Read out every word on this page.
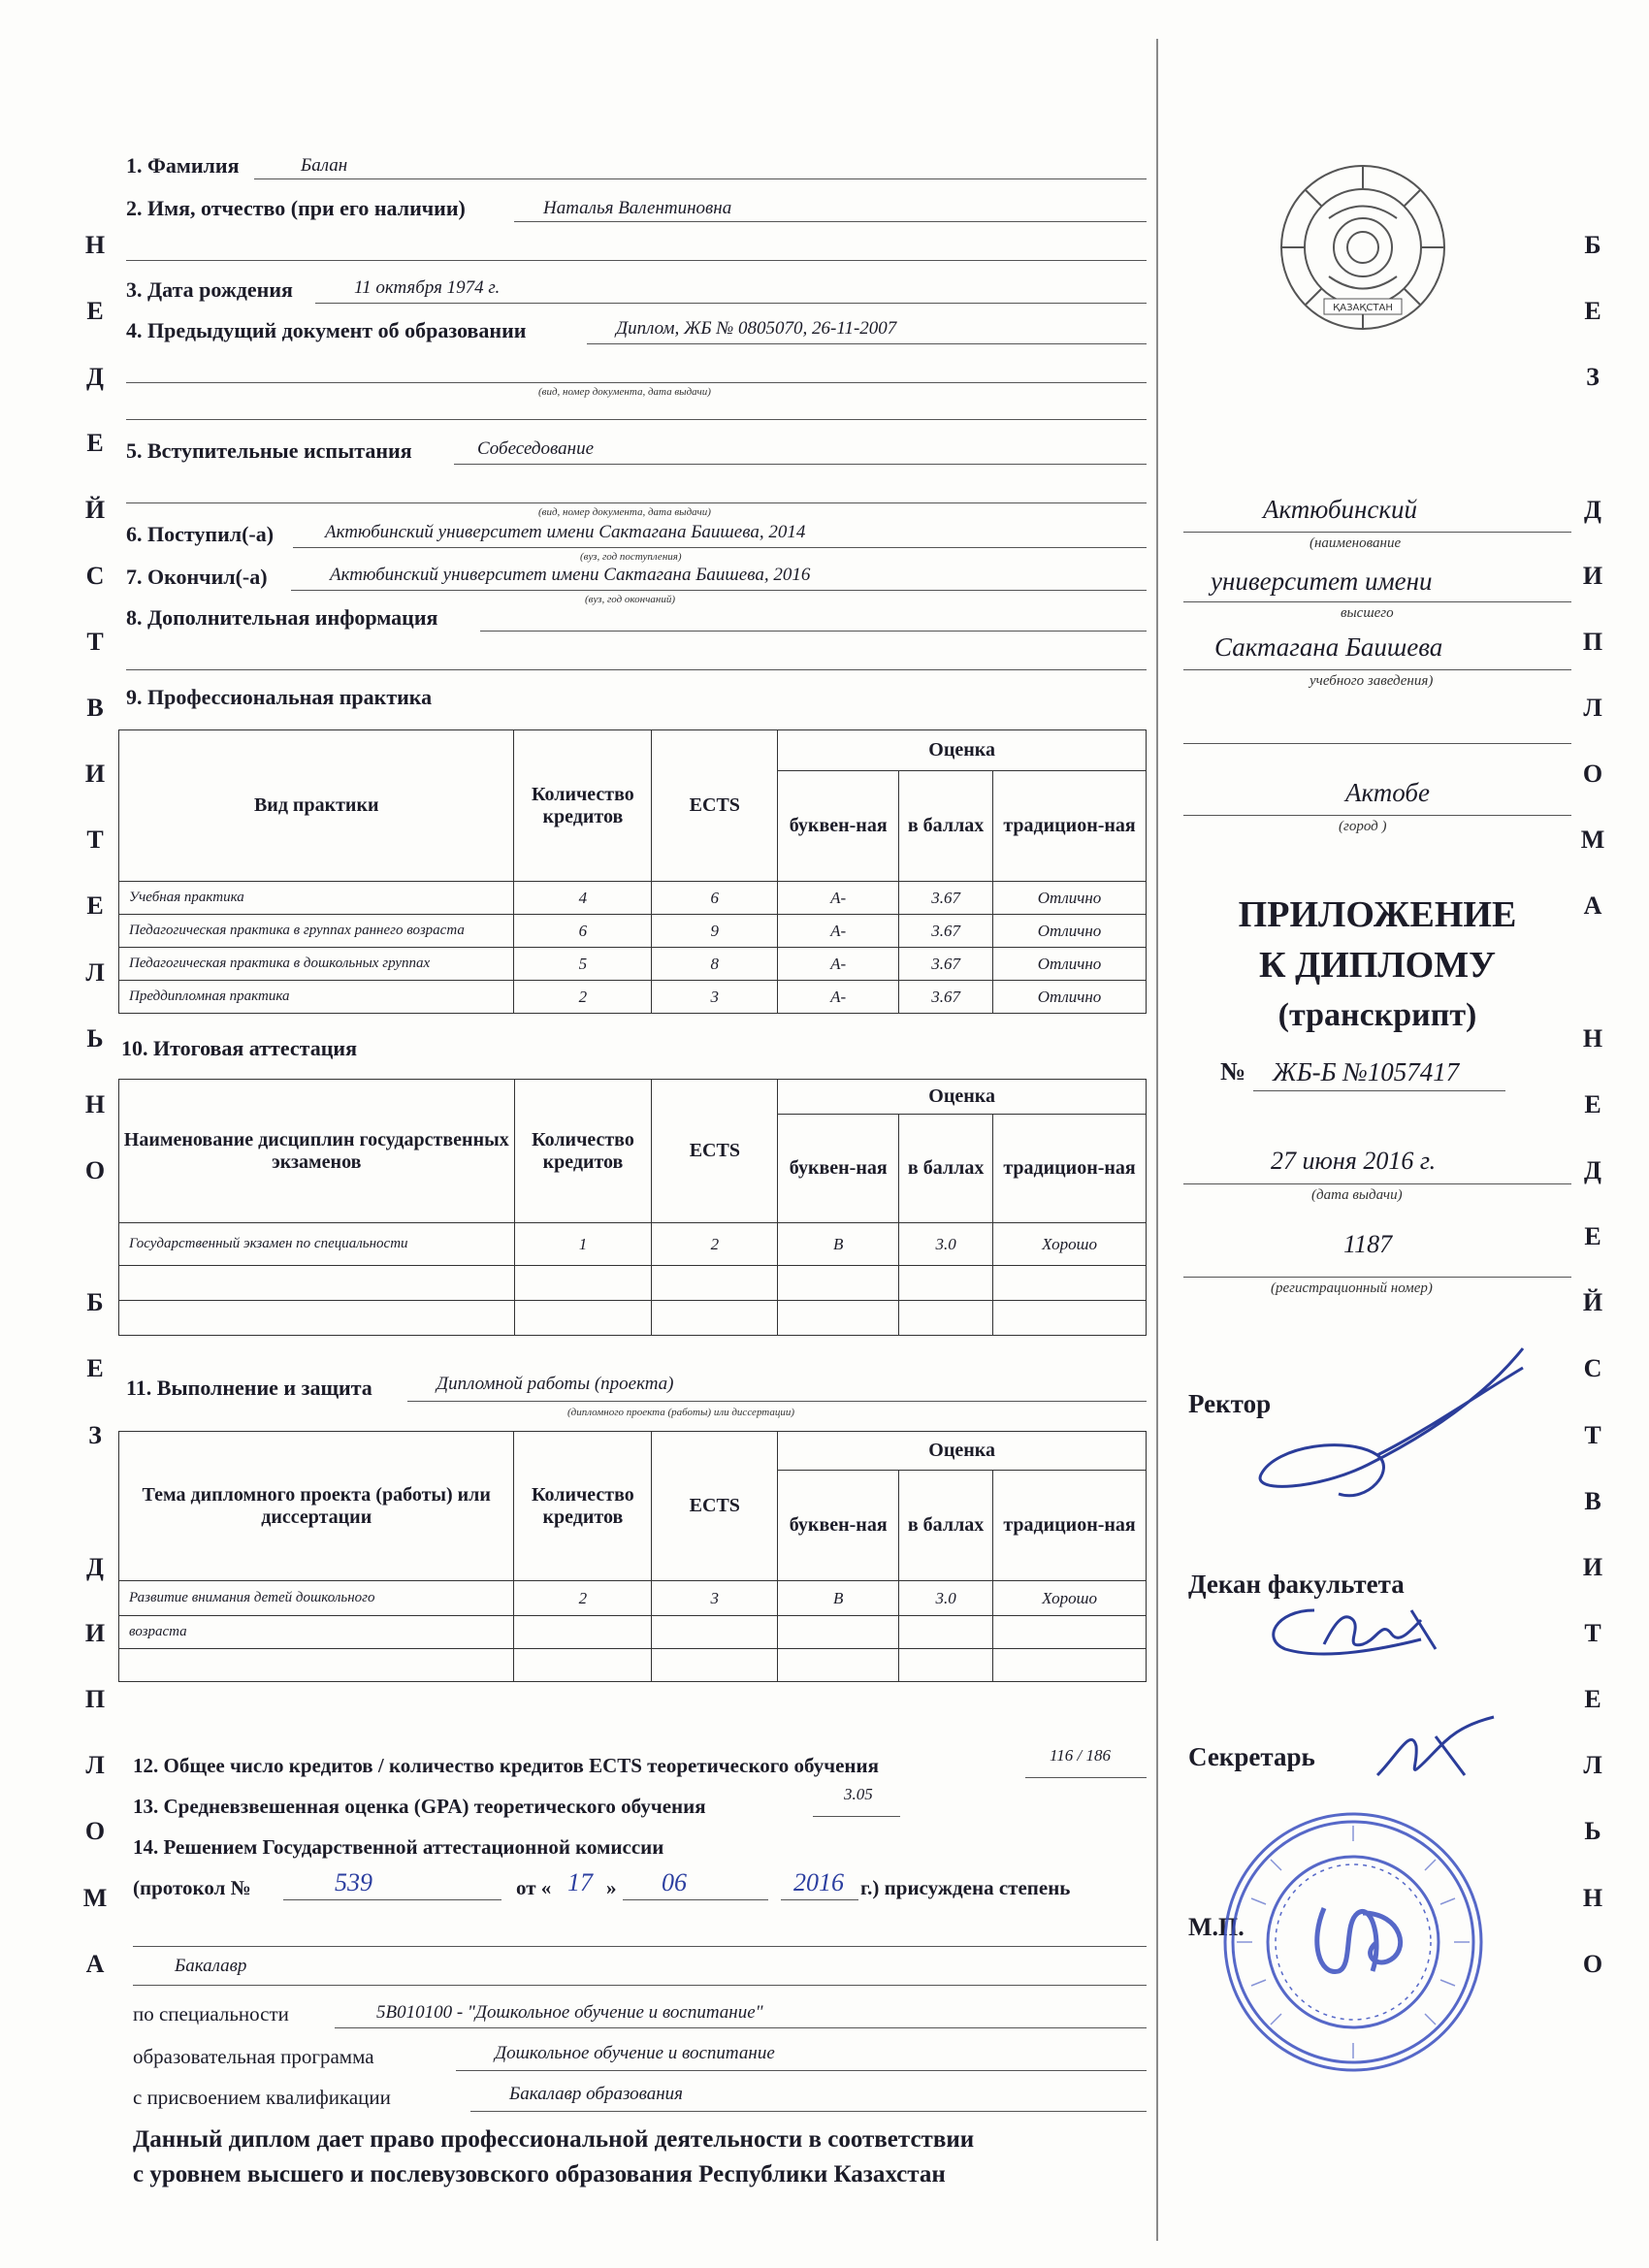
Н
Е
Д
Е
Й
С
Т
В
И
Т
Е
Л
Ь
Н
О
Б
Е
З
Д
И
П
Л
О
М
А
Б
Е
З
Д
И
П
Л
О
М
А
Н
Е
Д
Е
Й
С
Т
В
И
Т
Е
Л
Ь
Н
О
1. Фамилия	Балан
2. Имя, отчество (при его наличии)	Наталья Валентиновна
3. Дата рождения	11 октября 1974 г.
4. Предыдущий документ об образовании	Диплом, ЖБ № 0805070, 26-11-2007
(вид, номер документа, дата выдачи)
5. Вступительные испытания	Собеседование
(вид, номер документа, дата выдачи)
6. Поступил(-а)	Актюбинский университет имени Сактагана Баишева, 2014
(вуз, год поступления)
7. Окончил(-а)	Актюбинский университет имени Сактагана Баишева, 2016
(вуз, год окончаний)
8. Дополнительная информация
9. Профессиональная практика
Вид практики	Количество кредитов	ECTS	Оценка		
			буквен-ная	в баллах	традицион-ная
Учебная практика	4	6	A-	3.67	Отлично
Педагогическая практика в группах раннего возраста	6	9	A-	3.67	Отлично
Педагогическая практика в дошкольных группах	5	8	A-	3.67	Отлично
Преддипломная практика	2	3	A-	3.67	Отлично
10. Итоговая аттестация
Наименование дисциплин государственных экзаменов	Количество кредитов	ECTS	Оценка		
			буквен-ная	в баллах	традицион-ная
Государственный экзамен по специальности	1	2	B	3.0	Хорошо

11. Выполнение и защита	Дипломной работы (проекта)
(дипломного проекта (работы) или диссертации)
Тема дипломного проекта (работы) или диссертации	Количество кредитов	ECTS	Оценка		
			буквен-ная	в баллах	традицион-ная
Развитие внимания детей дошкольного	2	3	B	3.0	Хорошо
возраста					

12. Общее число кредитов / количество кредитов ECTS теоретического обучения	116 / 186
13. Средневзвешенная оценка (GPA) теоретического обучения
3.05
14. Решением Государственной аттестационной комиссии
(протокол №	539	от « 17 » 06	2016 г.) присуждена степень
Бакалавр
по специальности	5В010100 - "Дошкольное обучение и воспитание"
образовательная программа	Дошкольное обучение и воспитание
с присвоением квалификации	Бакалавр образования
Данный диплом дает право профессиональной деятельности в соответствии
с уровнем высшего и послевузовского образования Республики Казахстан
ҚАЗАҚСТАН
Актюбинский
(наименование
университет имени
высшего
Сактагана Баишева
учебного заведения)
Актобе
(город )
ПРИЛОЖЕНИЕ
К ДИПЛОМУ
(транскрипт)
№ ЖБ-Б №1057417
27 июня 2016 г.
(дата выдачи)
1187
(регистрационный номер)
Ректор
Декан факультета
Секретарь
М.П.
УАБ
